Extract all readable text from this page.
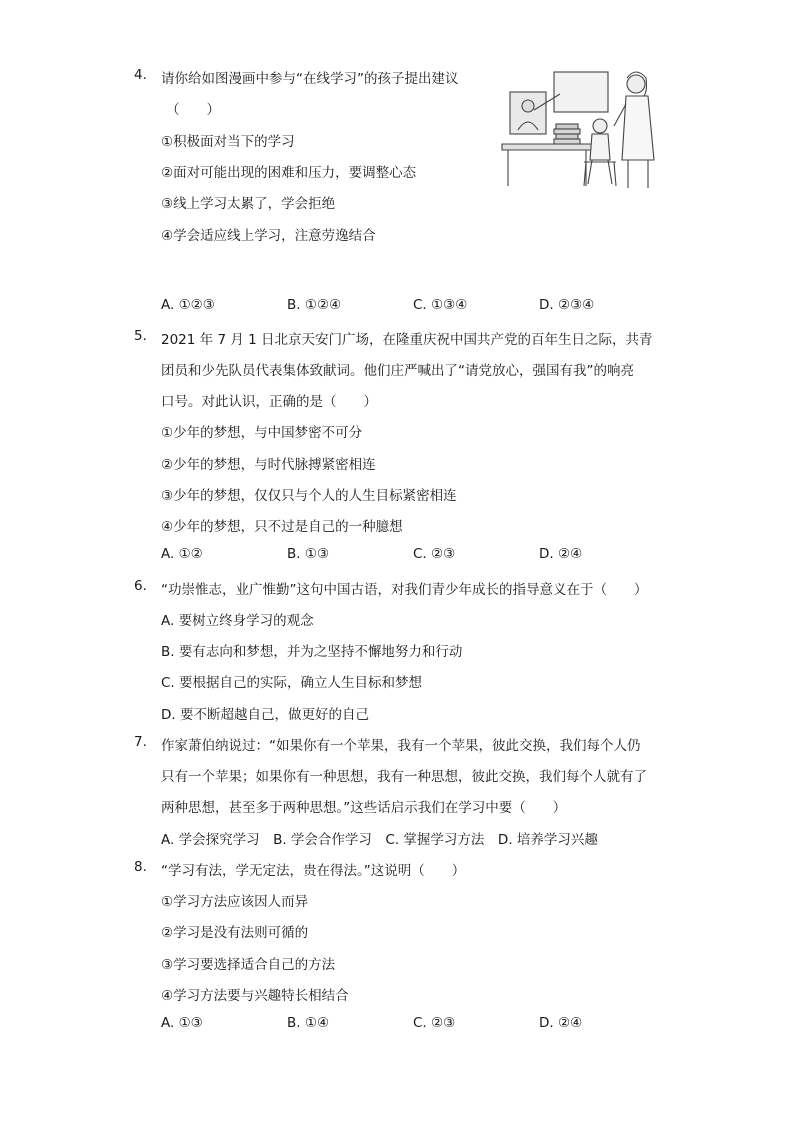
4. 请你给如图漫画中参与“在线学习”的孩子提出建议
（　　）
①积极面对当下的学习
②面对可能出现的困难和压力，要调整心态
③线上学习太累了，学会拒绝
④学会适应线上学习，注意劳逸结合
A. ①②③	B. ①②④	C. ①③④	D. ②③④
5. 2021 年 7 月 1 日北京天安门广场，在隆重庆祝中国共产党的百年生日之际，共青
团员和少先队员代表集体致献词。他们庄严喊出了“请党放心，强国有我”的响亮
口号。对此认识，正确的是（　　）
①少年的梦想，与中国梦密不可分
②少年的梦想，与时代脉搏紧密相连
③少年的梦想，仅仅只与个人的人生目标紧密相连
④少年的梦想，只不过是自己的一种臆想
A. ①②	B. ①③	C. ②③	D. ②④
6. “功崇惟志，业广惟勤”这句中国古语，对我们青少年成长的指导意义在于（　　）
A. 要树立终身学习的观念
B. 要有志向和梦想，并为之坚持不懈地努力和行动
C. 要根据自己的实际，确立人生目标和梦想
D. 要不断超越自己，做更好的自己
7. 作家萧伯纳说过：“如果你有一个苹果，我有一个苹果，彼此交换，我们每个人仍
只有一个苹果；如果你有一种思想，我有一种思想，彼此交换，我们每个人就有了
两种思想，甚至多于两种思想。”这些话启示我们在学习中要（　　）
A. 学会探究学习　B. 学会合作学习　C. 掌握学习方法　D. 培养学习兴趣
8. “学习有法，学无定法，贵在得法。”这说明（　　）
①学习方法应该因人而异
②学习是没有法则可循的
③学习要选择适合自己的方法
④学习方法要与兴趣特长相结合
A. ①③	B. ①④	C. ②③	D. ②④
